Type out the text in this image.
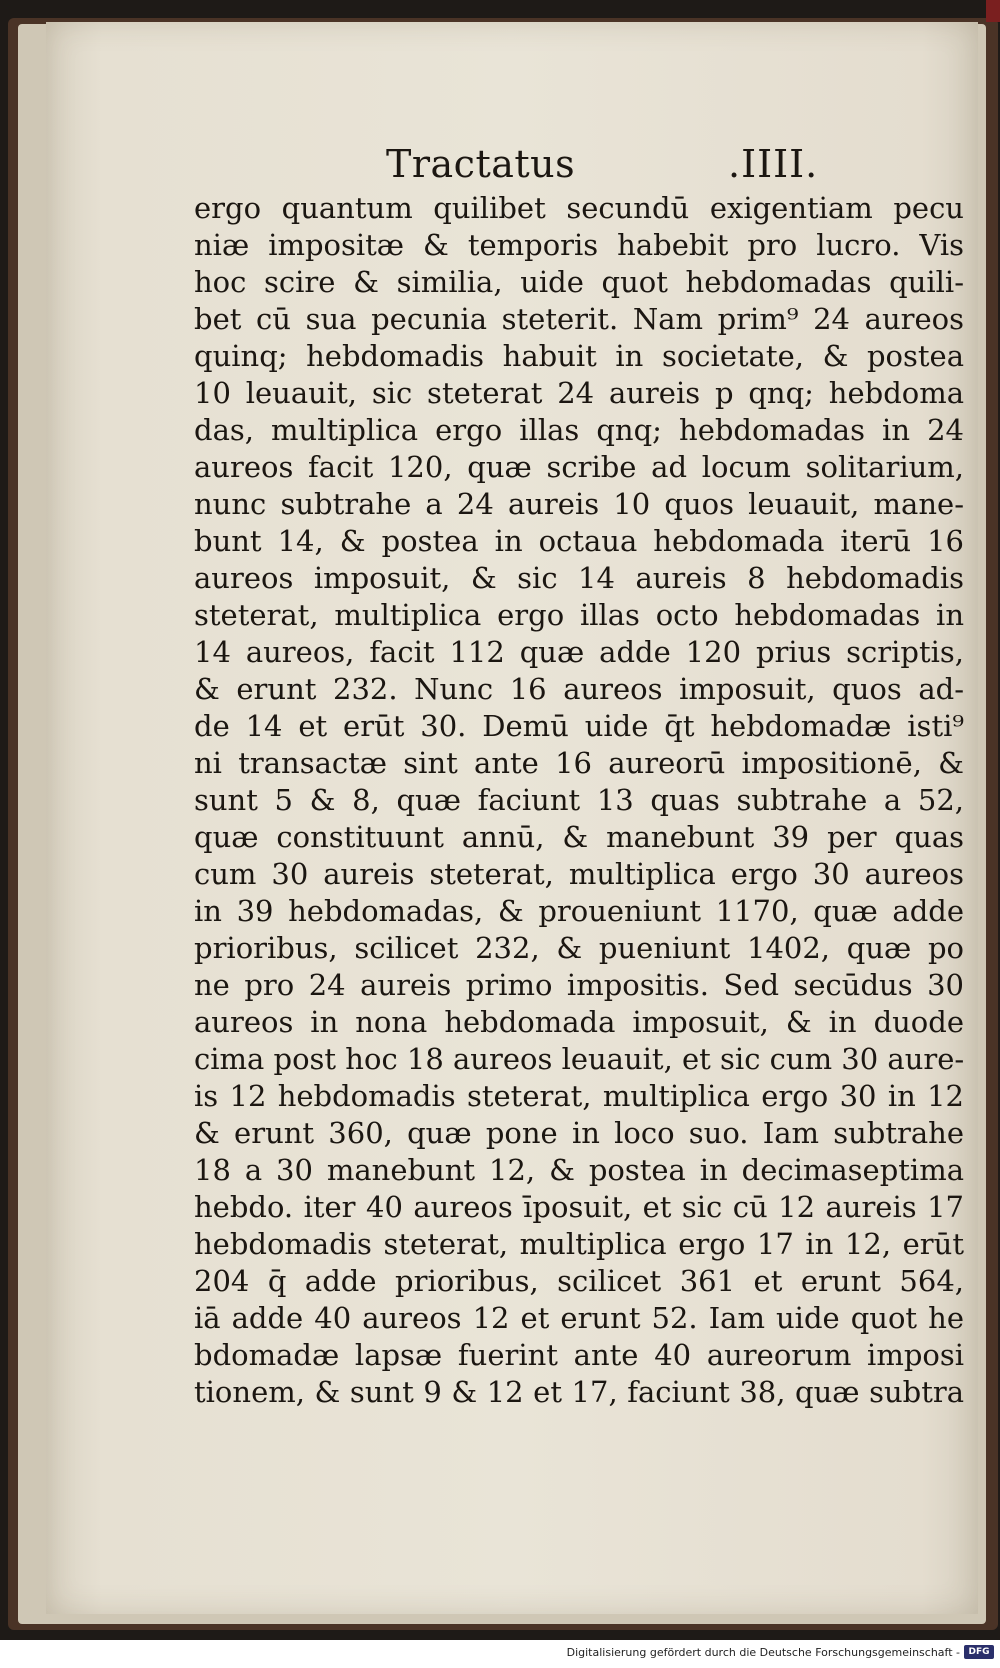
Tractatus	.IIII.
ergo quantum quilibet secundū exigentiam pecu
niæ impositæ & temporis habebit pro lucro. Vis
hoc scire & similia, uide quot hebdomadas quili-
bet cū sua pecunia steterit. Nam prim⁹ 24 aureos
quinq; hebdomadis habuit in societate, & postea
10 leuauit, sic steterat 24 aureis p qnq; hebdoma
das, multiplica ergo illas qnq; hebdomadas in 24
aureos facit 120, quæ scribe ad locum solitarium,
nunc subtrahe a 24 aureis 10 quos leuauit, mane-
bunt 14, & postea in octaua hebdomada iterū 16
aureos imposuit, & sic 14 aureis 8 hebdomadis
steterat, multiplica ergo illas octo hebdomadas in
14 aureos, facit 112 quæ adde 120 prius scriptis,
& erunt 232. Nunc 16 aureos imposuit, quos ad-
de 14 et erūt 30. Demū uide q̄t hebdomadæ isti⁹
ni transactæ sint ante 16 aureorū impositionē, &
sunt 5 & 8, quæ faciunt 13 quas subtrahe a 52,
quæ constituunt annū, & manebunt 39 per quas
cum 30 aureis steterat, multiplica ergo 30 aureos
in 39 hebdomadas, & proueniunt 1170, quæ adde
prioribus, scilicet 232, & pueniunt 1402, quæ po
ne pro 24 aureis primo impositis. Sed secūdus 30
aureos in nona hebdomada imposuit, & in duode
cima post hoc 18 aureos leuauit, et sic cum 30 aure-
is 12 hebdomadis steterat, multiplica ergo 30 in 12
& erunt 360, quæ pone in loco suo. Iam subtrahe
18 a 30 manebunt 12, & postea in decimaseptima
hebdo. iter 40 aureos īposuit, et sic cū 12 aureis 17
hebdomadis steterat, multiplica ergo 17 in 12, erūt
204 q̄ adde prioribus, scilicet 361 et erunt 564,
iā adde 40 aureos 12 et erunt 52. Iam uide quot he
bdomadæ lapsæ fuerint ante 40 aureorum imposi
tionem, & sunt 9 & 12 et 17, faciunt 38, quæ subtra
Digitalisierung gefördert durch die Deutsche Forschungsgemeinschaft - DFG
